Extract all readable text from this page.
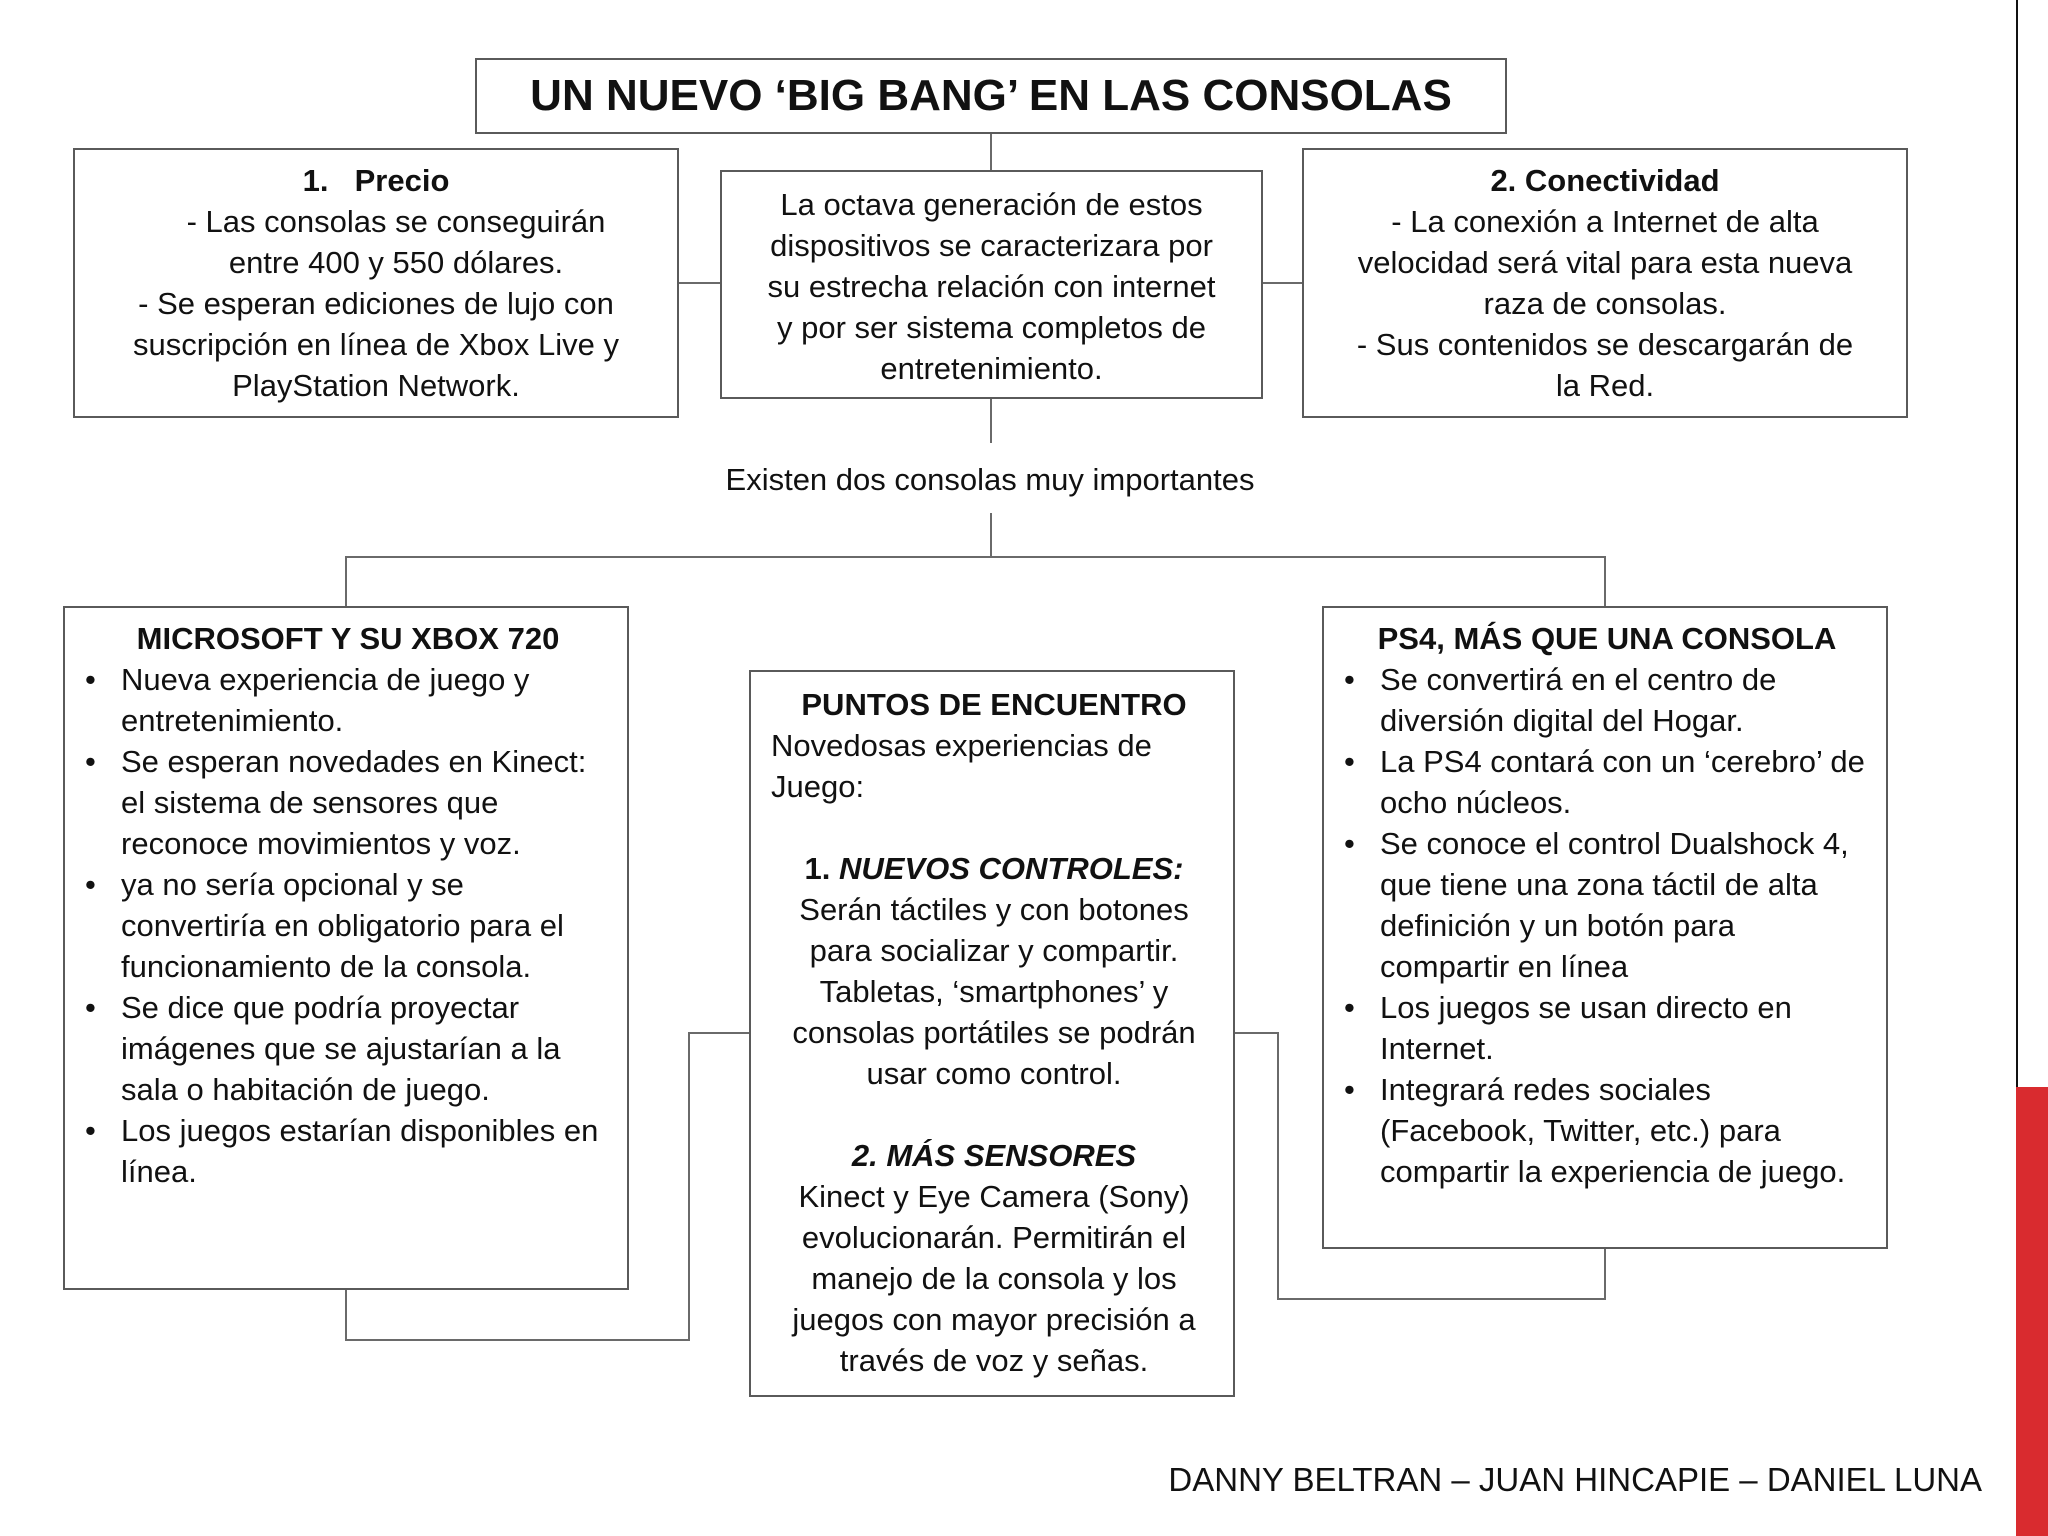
UN NUEVO ‘BIG BANG’ EN LAS CONSOLAS
1. Precio
- Las consolas se conseguirán
entre 400 y 550 dólares.
- Se esperan ediciones de lujo con
suscripción en línea de Xbox Live y
PlayStation Network.
La octava generación de estos
dispositivos se caracterizara por
su estrecha relación con internet
y por ser sistema completos de
entretenimiento.
2. Conectividad
- La conexión a Internet de alta
velocidad será vital para esta nueva
raza de consolas.
- Sus contenidos se descargarán de
la Red.
Existen dos consolas muy importantes
MICROSOFT Y SU XBOX 720
• Nueva experiencia de juego y entretenimiento.
• Se esperan novedades en Kinect: el sistema de sensores que reconoce movimientos y voz.
• ya no sería opcional y se convertiría en obligatorio para el funcionamiento de la consola.
• Se dice que podría proyectar imágenes que se ajustarían a la sala o habitación de juego.
• Los juegos estarían disponibles en línea.
PUNTOS DE ENCUENTRO
Novedosas experiencias de Juego:
1. NUEVOS CONTROLES:
Serán táctiles y con botones para socializar y compartir. Tabletas, ‘smartphones’ y consolas portátiles se podrán usar como control.
2. MÁS SENSORES
Kinect y Eye Camera (Sony) evolucionarán. Permitirán el manejo de la consola y los juegos con mayor precisión a través de voz y señas.
PS4, MÁS QUE UNA CONSOLA
• Se convertirá en el centro de diversión digital del Hogar.
• La PS4 contará con un ‘cerebro’ de ocho núcleos.
• Se conoce el control Dualshock 4, que tiene una zona táctil de alta definición y un botón para compartir en línea
• Los juegos se usan directo en Internet.
• Integrará redes sociales (Facebook, Twitter, etc.) para compartir la experiencia de juego.
DANNY BELTRAN – JUAN HINCAPIE – DANIEL LUNA
